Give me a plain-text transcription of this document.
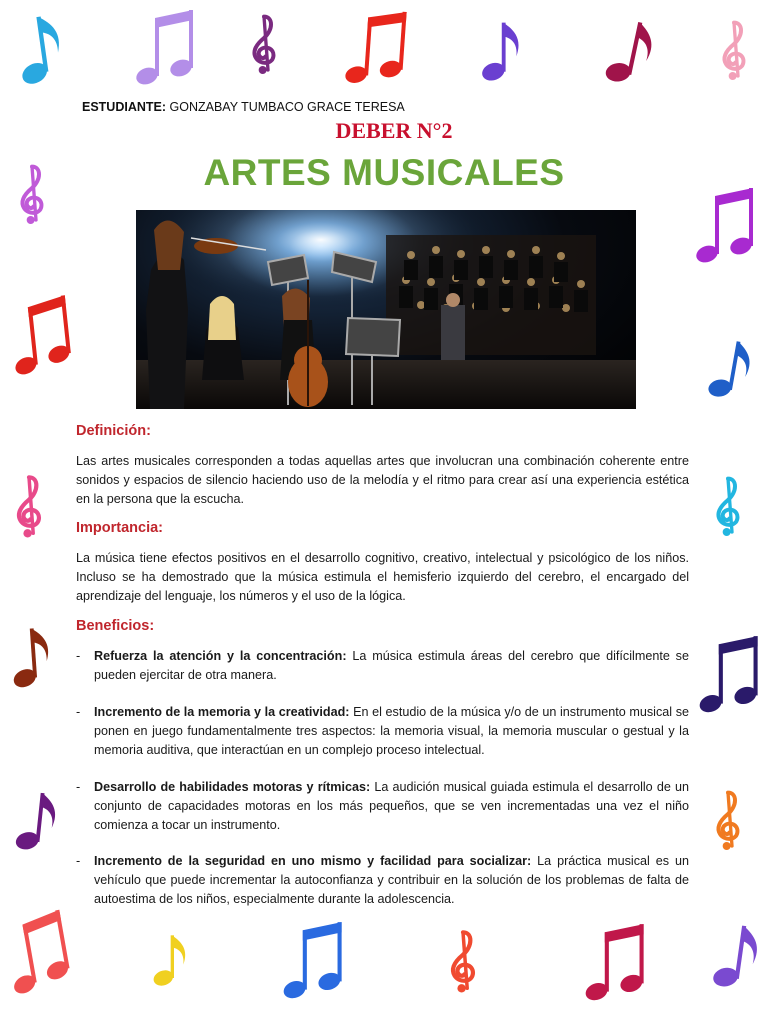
ESTUDIANTE: GONZABAY TUMBACO GRACE TERESA
DEBER N°2
ARTES MUSICALES
Definición:
Las artes musicales corresponden a todas aquellas artes que involucran una combinación coherente entre sonidos y espacios de silencio haciendo uso de la melodía y el ritmo para crear así una experiencia estética en la persona que la escucha.
Importancia:
La música tiene efectos positivos en el desarrollo cognitivo, creativo, intelectual y psicológico de los niños. Incluso se ha demostrado que la música estimula el hemisferio izquierdo del cerebro, el encargado del aprendizaje del lenguaje, los números y el uso de la lógica.
Beneficios:
- Refuerza la atención y la concentración: La música estimula áreas del cerebro que difícilmente se pueden ejercitar de otra manera.
- Incremento de la memoria y la creatividad: En el estudio de la música y/o de un instrumento musical se ponen en juego fundamentalmente tres aspectos: la memoria visual, la memoria muscular o gestual y la memoria auditiva, que interactúan en un complejo proceso intelectual.
- Desarrollo de habilidades motoras y rítmicas: La audición musical guiada estimula el desarrollo de un conjunto de capacidades motoras en los más pequeños, que se ven incrementadas una vez el niño comienza a tocar un instrumento.
- Incremento de la seguridad en uno mismo y facilidad para socializar: La práctica musical es un vehículo que puede incrementar la autoconfianza y contribuir en la solución de los problemas de falta de autoestima de los niños, especialmente durante la adolescencia.
